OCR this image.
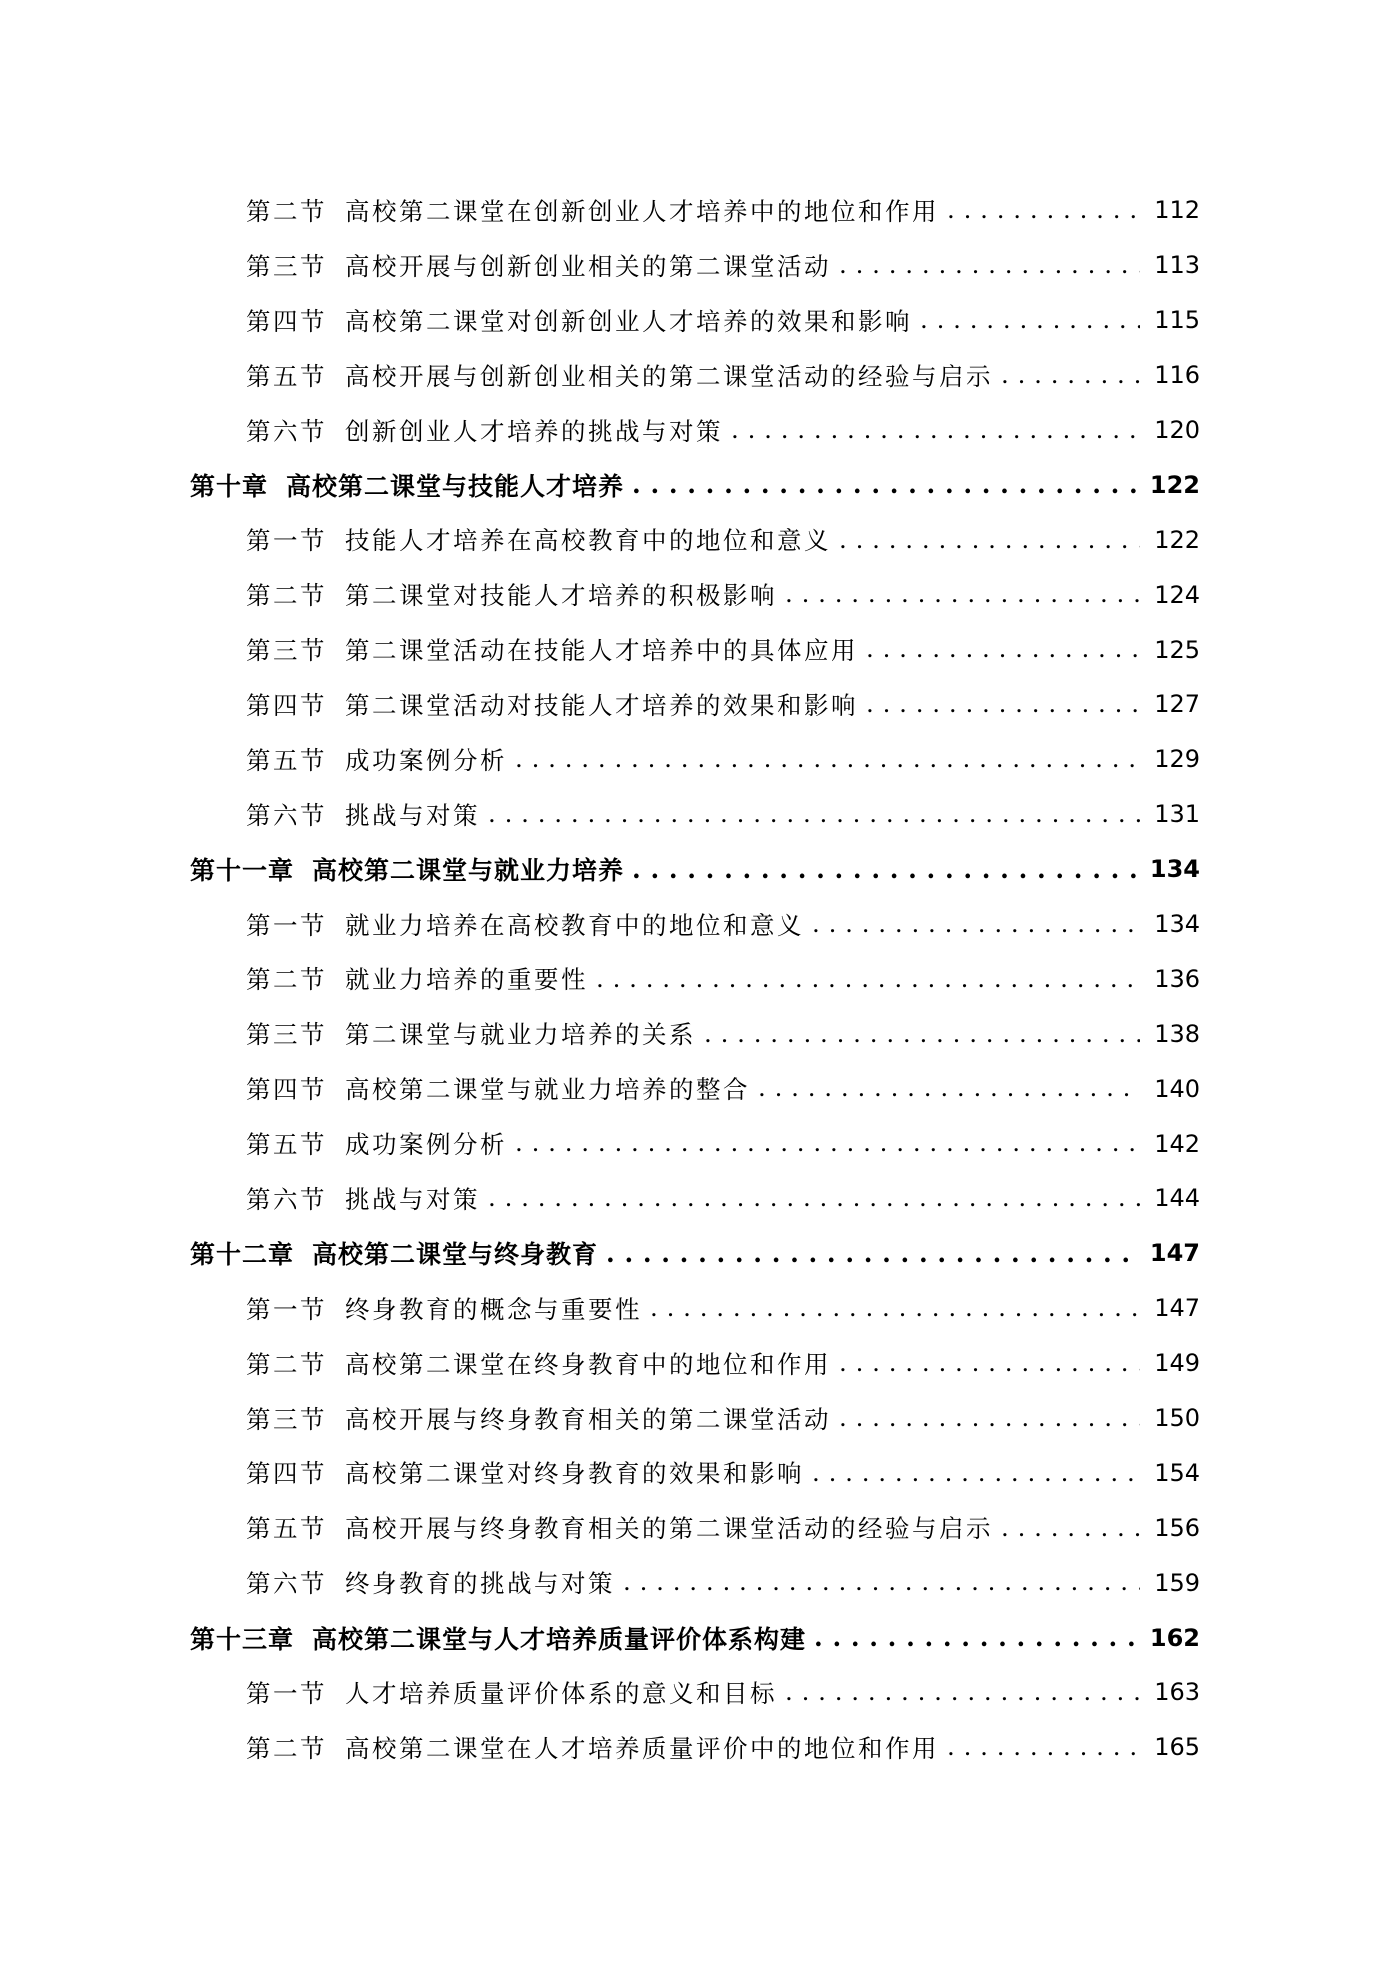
第二节 高校第二课堂在创新创业人才培养中的地位和作用 . . .	112
第三节 高校开展与创新创业相关的第二课堂活动 . . .	113
第四节 高校第二课堂对创新创业人才培养的效果和影响 . . .	115
第五节 高校开展与创新创业相关的第二课堂活动的经验与启示 . . .	116
第六节 创新创业人才培养的挑战与对策 . . .	120
第十章 高校第二课堂与技能人才培养 . . .	122
第一节 技能人才培养在高校教育中的地位和意义 . . .	122
第二节 第二课堂对技能人才培养的积极影响 . . .	124
第三节 第二课堂活动在技能人才培养中的具体应用 . . .	125
第四节 第二课堂活动对技能人才培养的效果和影响 . . .	127
第五节 成功案例分析 . . .	129
第六节 挑战与对策 . . .	131
第十一章 高校第二课堂与就业力培养 . . .	134
第一节 就业力培养在高校教育中的地位和意义 . . .	134
第二节 就业力培养的重要性 . . .	136
第三节 第二课堂与就业力培养的关系 . . .	138
第四节 高校第二课堂与就业力培养的整合 . . .	140
第五节 成功案例分析 . . .	142
第六节 挑战与对策 . . .	144
第十二章 高校第二课堂与终身教育 . . .	147
第一节 终身教育的概念与重要性 . . .	147
第二节 高校第二课堂在终身教育中的地位和作用 . . .	149
第三节 高校开展与终身教育相关的第二课堂活动 . . .	150
第四节 高校第二课堂对终身教育的效果和影响 . . .	154
第五节 高校开展与终身教育相关的第二课堂活动的经验与启示 . . .	156
第六节 终身教育的挑战与对策 . . .	159
第十三章 高校第二课堂与人才培养质量评价体系构建 . . .	162
第一节 人才培养质量评价体系的意义和目标 . . .	163
第二节 高校第二课堂在人才培养质量评价中的地位和作用 . . .	165
